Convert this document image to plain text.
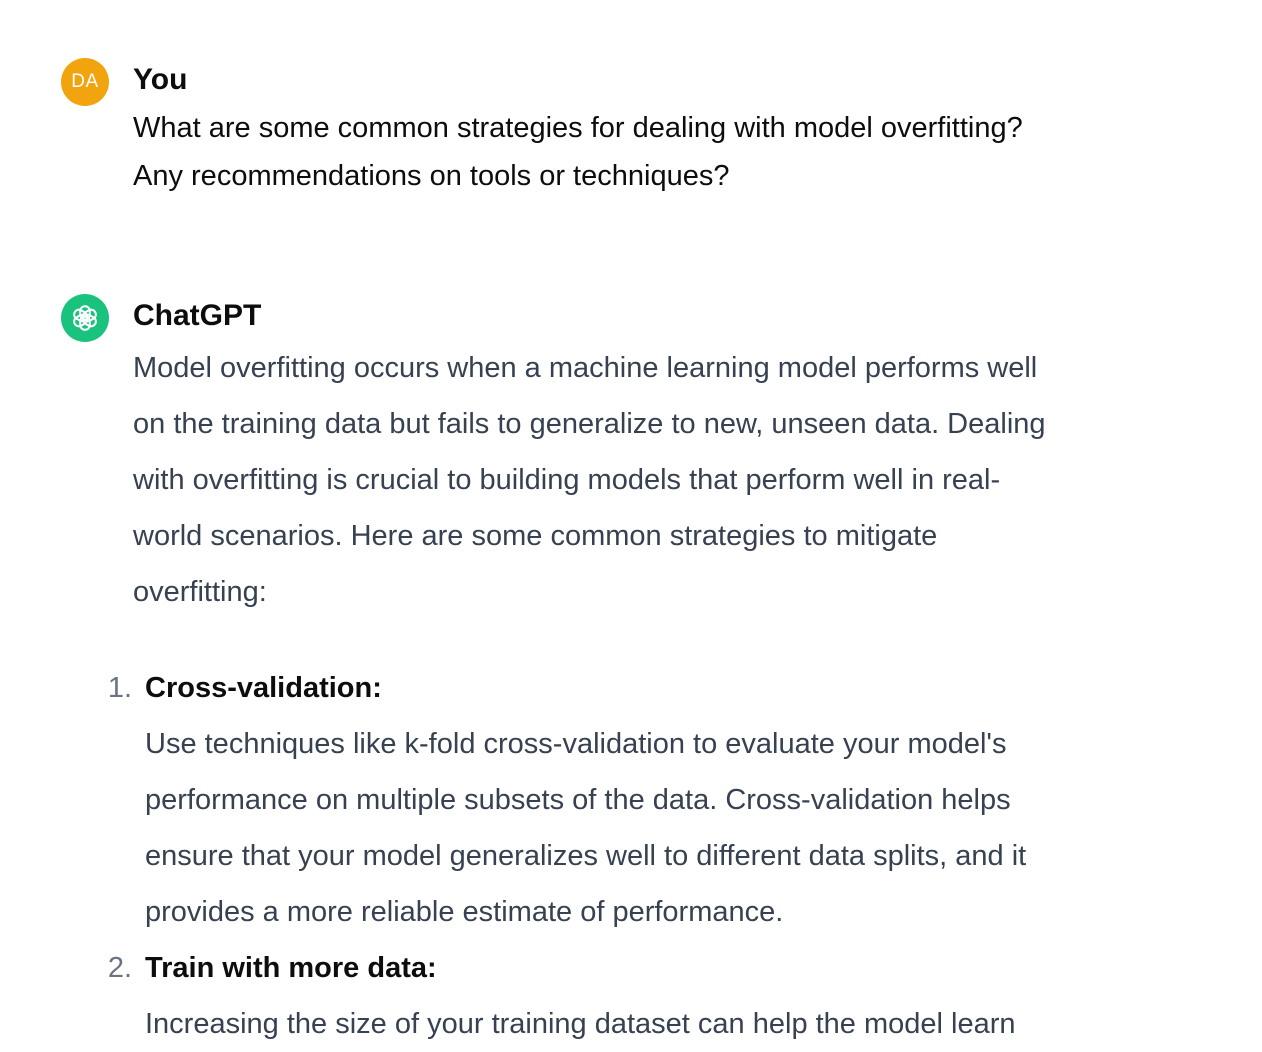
DA You

What are some common strategies for dealing with model overfitting?
Any recommendations on tools or techniques?

ChatGPT

Model overfitting occurs when a machine learning model performs well
on the training data but fails to generalize to new, unseen data. Dealing
with overfitting is crucial to building models that perform well in real-
world scenarios. Here are some common strategies to mitigate
overfitting:

1. Cross-validation:
Use techniques like k-fold cross-validation to evaluate your model's
performance on multiple subsets of the data. Cross-validation helps
ensure that your model generalizes well to different data splits, and it
provides a more reliable estimate of performance.
2. Train with more data:
Increasing the size of your training dataset can help the model learn
